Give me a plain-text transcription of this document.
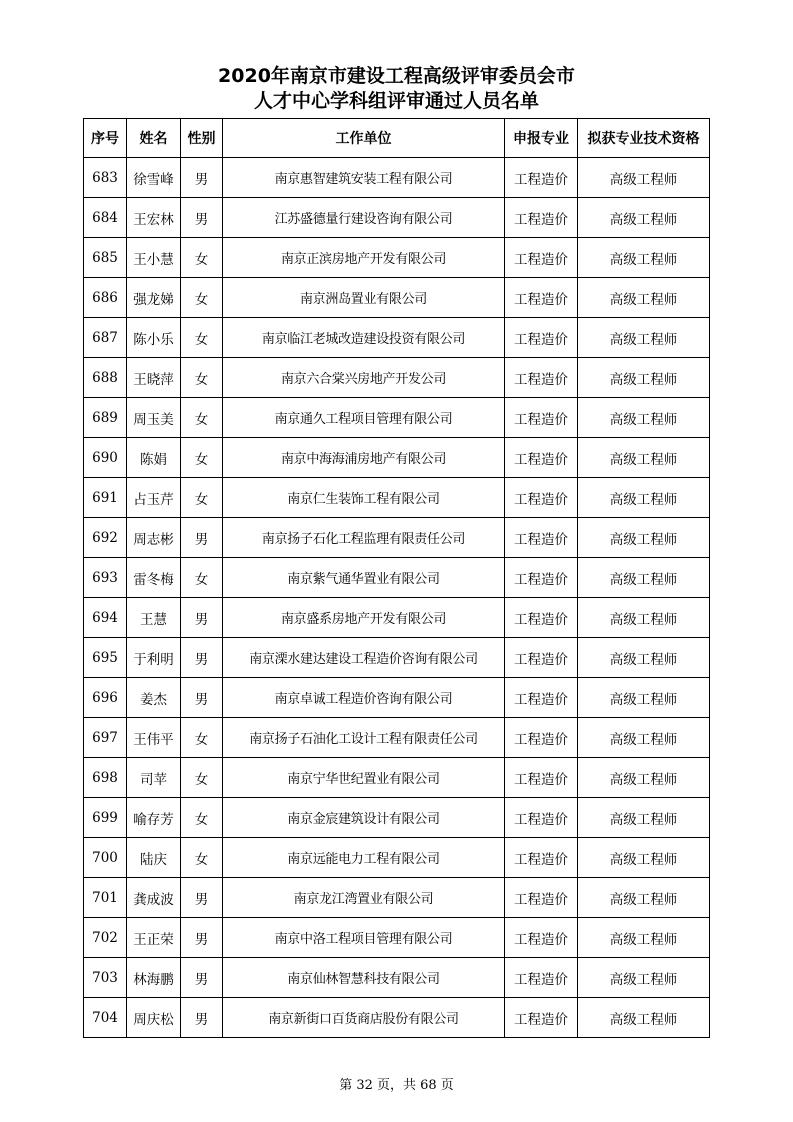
2020年南京市建设工程高级评审委员会市
人才中心学科组评审通过人员名单
序号	姓名	性别	工作单位	申报专业	拟获专业技术资格
683	徐雪峰	男	南京惠智建筑安装工程有限公司	工程造价	高级工程师
684	王宏林	男	江苏盛德量行建设咨询有限公司	工程造价	高级工程师
685	王小慧	女	南京正滨房地产开发有限公司	工程造价	高级工程师
686	强龙娣	女	南京洲岛置业有限公司	工程造价	高级工程师
687	陈小乐	女	南京临江老城改造建设投资有限公司	工程造价	高级工程师
688	王晓萍	女	南京六合棠兴房地产开发公司	工程造价	高级工程师
689	周玉美	女	南京通久工程项目管理有限公司	工程造价	高级工程师
690	陈娟	女	南京中海海浦房地产有限公司	工程造价	高级工程师
691	占玉芹	女	南京仁生装饰工程有限公司	工程造价	高级工程师
692	周志彬	男	南京扬子石化工程监理有限责任公司	工程造价	高级工程师
693	雷冬梅	女	南京紫气通华置业有限公司	工程造价	高级工程师
694	王慧	男	南京盛系房地产开发有限公司	工程造价	高级工程师
695	于利明	男	南京溧水建达建设工程造价咨询有限公司	工程造价	高级工程师
696	姜杰	男	南京卓诚工程造价咨询有限公司	工程造价	高级工程师
697	王伟平	女	南京扬子石油化工设计工程有限责任公司	工程造价	高级工程师
698	司苹	女	南京宁华世纪置业有限公司	工程造价	高级工程师
699	喻存芳	女	南京金宸建筑设计有限公司	工程造价	高级工程师
700	陆庆	女	南京远能电力工程有限公司	工程造价	高级工程师
701	龚成波	男	南京龙江湾置业有限公司	工程造价	高级工程师
702	王正荣	男	南京中洛工程项目管理有限公司	工程造价	高级工程师
703	林海鹏	男	南京仙林智慧科技有限公司	工程造价	高级工程师
704	周庆松	男	南京新街口百货商店股份有限公司	工程造价	高级工程师
第 32 页，共 68 页
